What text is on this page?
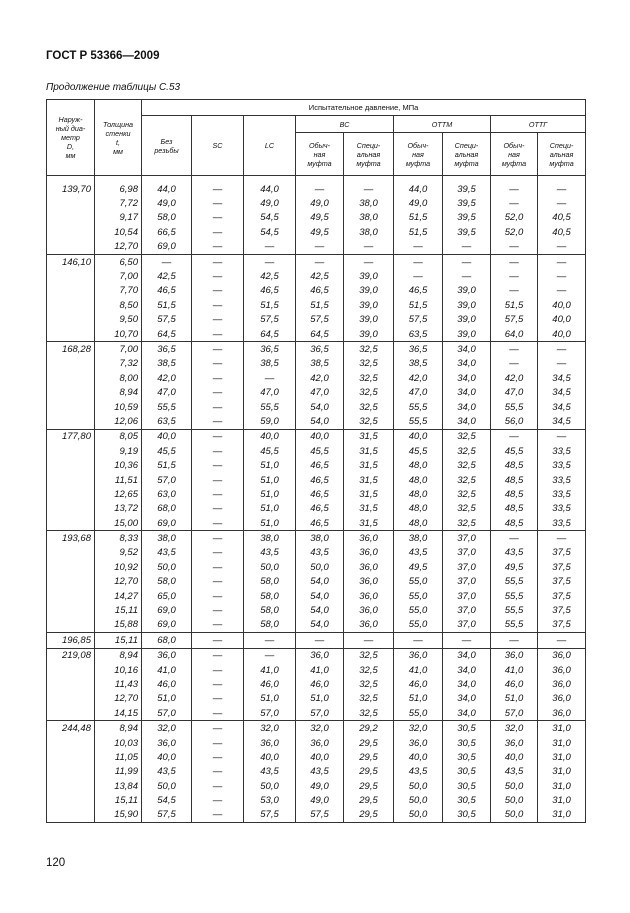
ГОСТ Р 53366—2009
Продолжение таблицы С.53
Наруж-
ный диа-
метр
D,
мм	Толщина
стенки
t,
мм	Испытательное давление, МПа								
		Без
резьбы	SC	LC	ВС		ОТТМ		ОТТГ	
					Обыч-
ная
муфта	Специ-
альная
муфта	Обыч-
ная
муфта	Специ-
альная
муфта	Обыч-
ная
муфта	Специ-
альная
муфта

139,70	6,98	44,0	—	44,0	—	—	44,0	39,5	—	—
	7,72	49,0	—	49,0	49,0	38,0	49,0	39,5	—	—
	9,17	58,0	—	54,5	49,5	38,0	51,5	39,5	52,0	40,5
	10,54	66,5	—	54,5	49,5	38,0	51,5	39,5	52,0	40,5
	12,70	69,0	—	—	—	—	—	—	—	—
146,10	6,50	—	—	—	—	—	—	—	—	—
	7,00	42,5	—	42,5	42,5	39,0	—	—	—	—
	7,70	46,5	—	46,5	46,5	39,0	46,5	39,0	—	—
	8,50	51,5	—	51,5	51,5	39,0	51,5	39,0	51,5	40,0
	9,50	57,5	—	57,5	57,5	39,0	57,5	39,0	57,5	40,0
	10,70	64,5	—	64,5	64,5	39,0	63,5	39,0	64,0	40,0
168,28	7,00	36,5	—	36,5	36,5	32,5	36,5	34,0	—	—
	7,32	38,5	—	38,5	38,5	32,5	38,5	34,0	—	—
	8,00	42,0	—	—	42,0	32,5	42,0	34,0	42,0	34,5
	8,94	47,0	—	47,0	47,0	32,5	47,0	34,0	47,0	34,5
	10,59	55,5	—	55,5	54,0	32,5	55,5	34,0	55,5	34,5
	12,06	63,5	—	59,0	54,0	32,5	55,5	34,0	56,0	34,5
177,80	8,05	40,0	—	40,0	40,0	31,5	40,0	32,5	—	—
	9,19	45,5	—	45,5	45,5	31,5	45,5	32,5	45,5	33,5
	10,36	51,5	—	51,0	46,5	31,5	48,0	32,5	48,5	33,5
	11,51	57,0	—	51,0	46,5	31,5	48,0	32,5	48,5	33,5
	12,65	63,0	—	51,0	46,5	31,5	48,0	32,5	48,5	33,5
	13,72	68,0	—	51,0	46,5	31,5	48,0	32,5	48,5	33,5
	15,00	69,0	—	51,0	46,5	31,5	48,0	32,5	48,5	33,5
193,68	8,33	38,0	—	38,0	38,0	36,0	38,0	37,0	—	—
	9,52	43,5	—	43,5	43,5	36,0	43,5	37,0	43,5	37,5
	10,92	50,0	—	50,0	50,0	36,0	49,5	37,0	49,5	37,5
	12,70	58,0	—	58,0	54,0	36,0	55,0	37,0	55,5	37,5
	14,27	65,0	—	58,0	54,0	36,0	55,0	37,0	55,5	37,5
	15,11	69,0	—	58,0	54,0	36,0	55,0	37,0	55,5	37,5
	15,88	69,0	—	58,0	54,0	36,0	55,0	37,0	55,5	37,5
196,85	15,11	68,0	—	—	—	—	—	—	—	—
219,08	8,94	36,0	—	—	36,0	32,5	36,0	34,0	36,0	36,0
	10,16	41,0	—	41,0	41,0	32,5	41,0	34,0	41,0	36,0
	11,43	46,0	—	46,0	46,0	32,5	46,0	34,0	46,0	36,0
	12,70	51,0	—	51,0	51,0	32,5	51,0	34,0	51,0	36,0
	14,15	57,0	—	57,0	57,0	32,5	55,0	34,0	57,0	36,0
244,48	8,94	32,0	—	32,0	32,0	29,2	32,0	30,5	32,0	31,0
	10,03	36,0	—	36,0	36,0	29,5	36,0	30,5	36,0	31,0
	11,05	40,0	—	40,0	40,0	29,5	40,0	30,5	40,0	31,0
	11,99	43,5	—	43,5	43,5	29,5	43,5	30,5	43,5	31,0
	13,84	50,0	—	50,0	49,0	29,5	50,0	30,5	50,0	31,0
	15,11	54,5	—	53,0	49,0	29,5	50,0	30,5	50,0	31,0
	15,90	57,5	—	57,5	57,5	29,5	50,0	30,5	50,0	31,0
120
